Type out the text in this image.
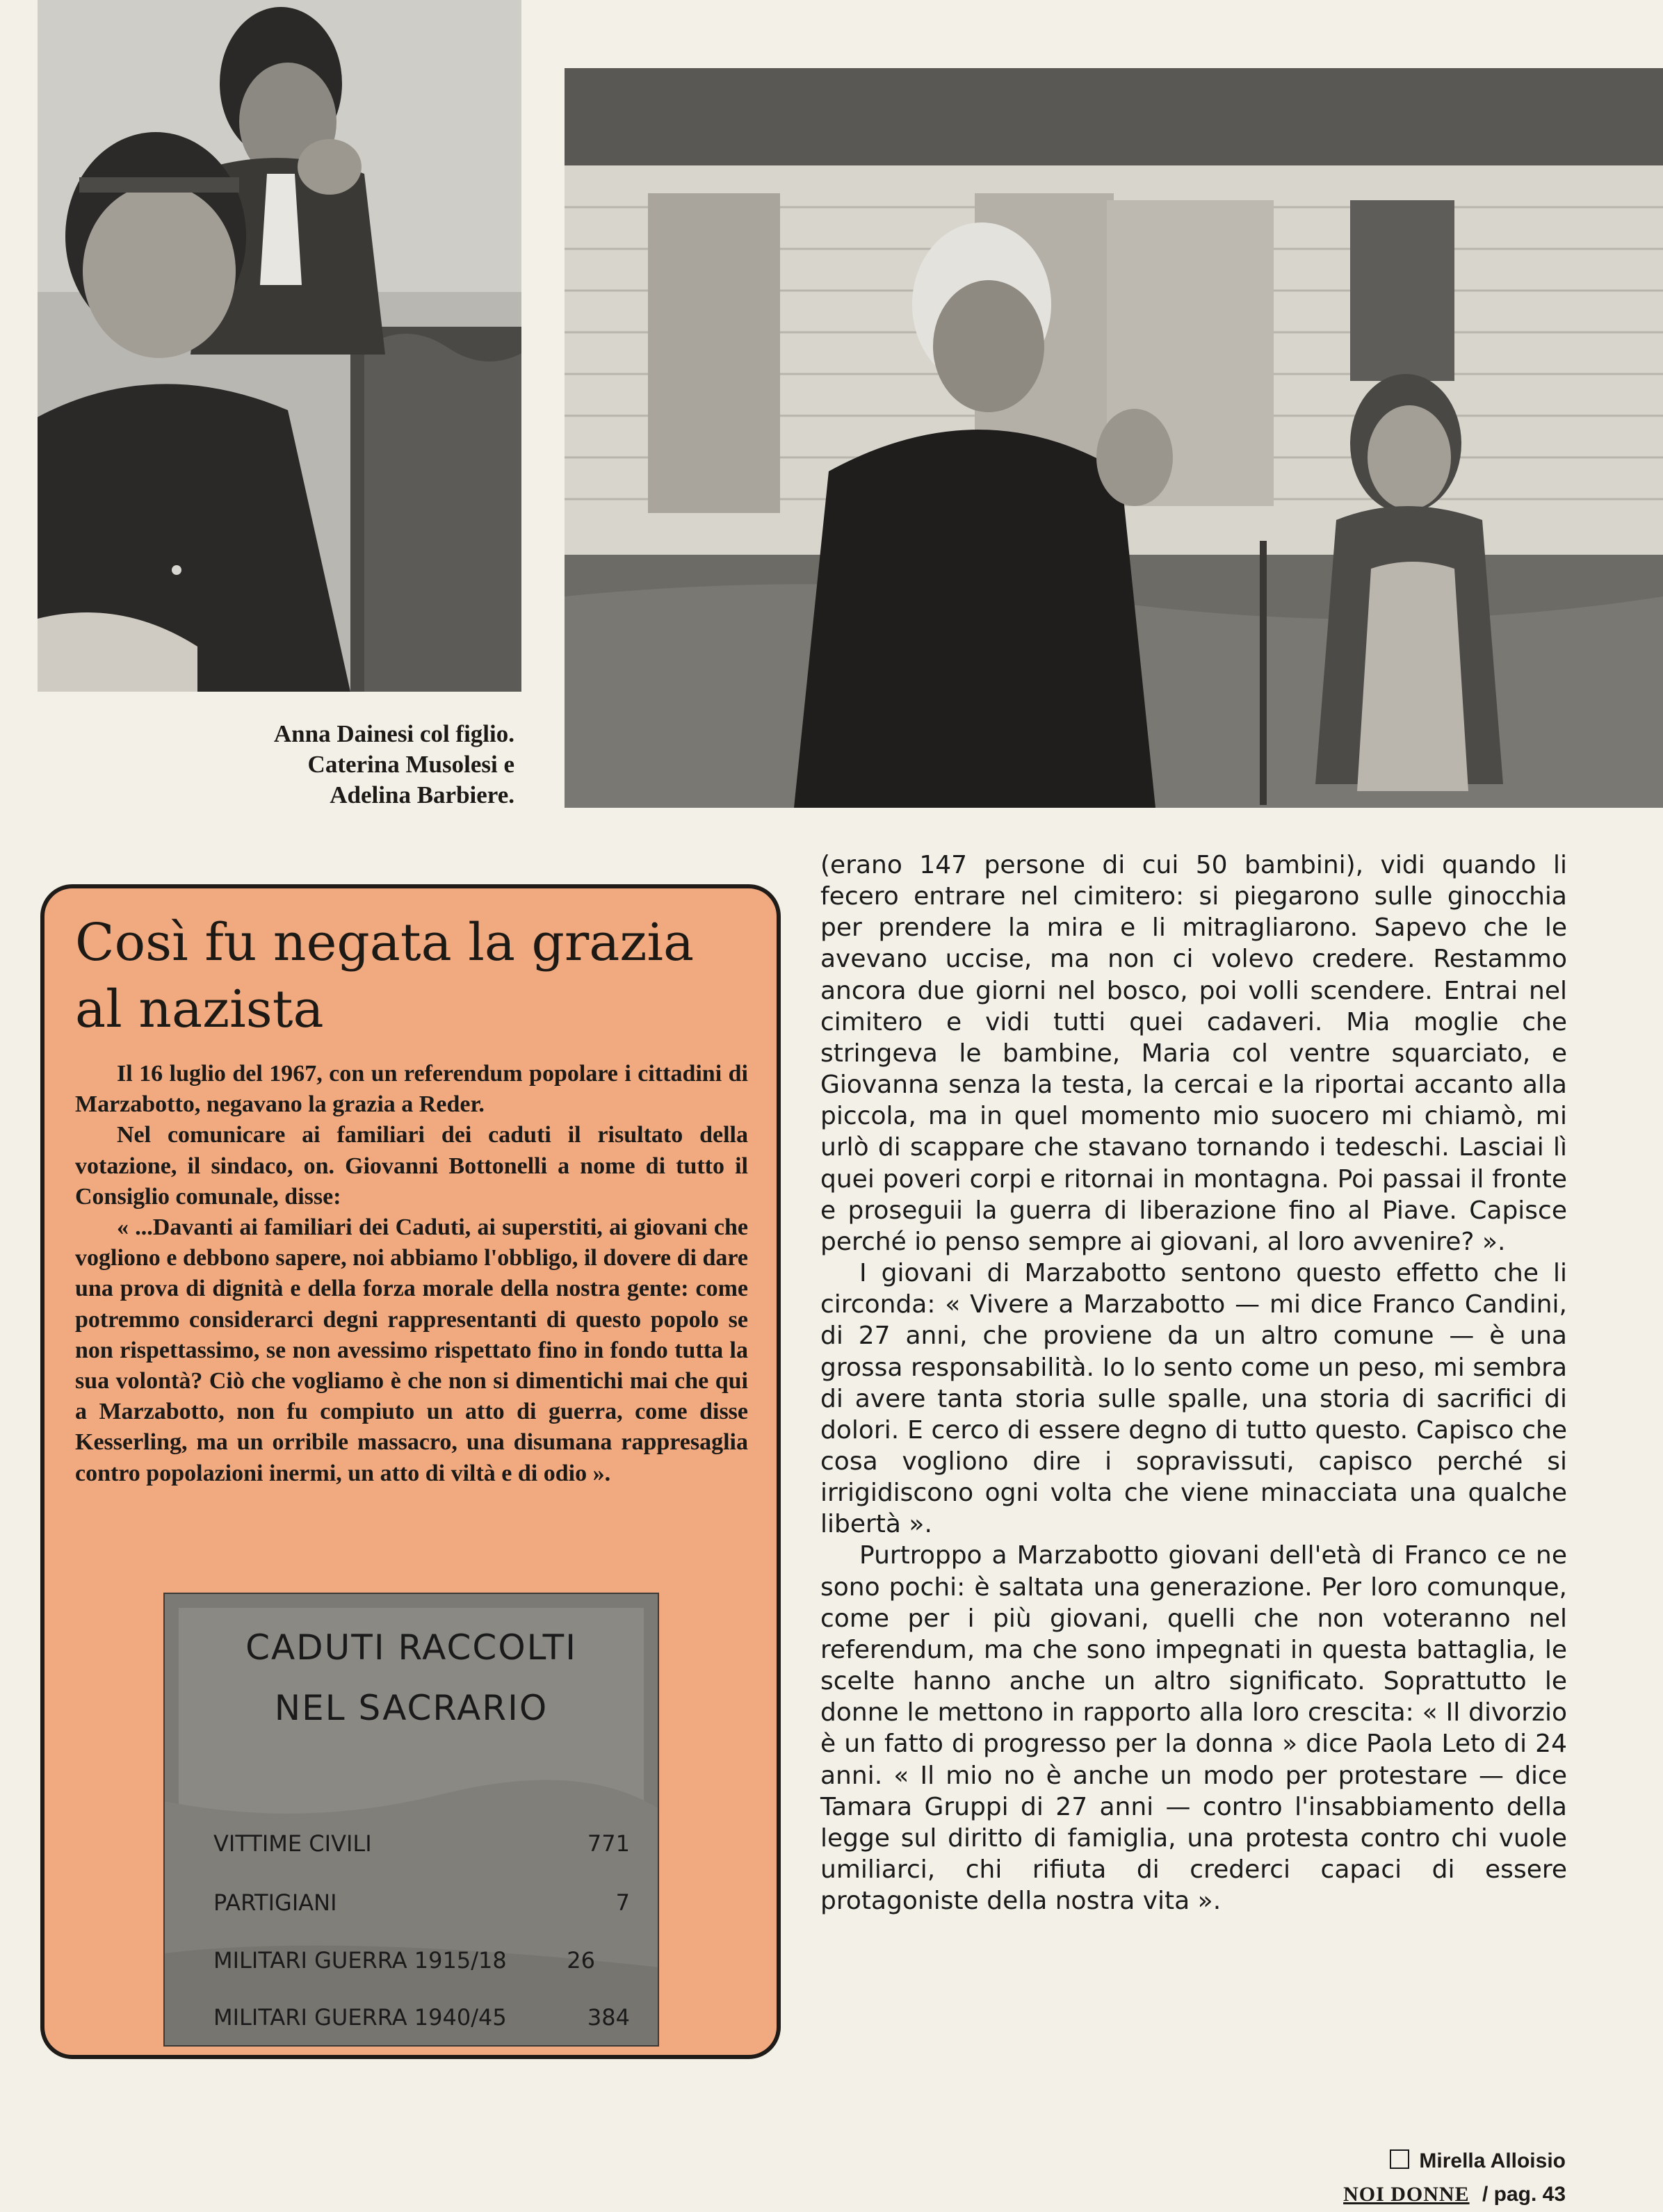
Anna Dainesi col figlio.
Caterina Musolesi e
Adelina Barbiere.
Così fu negata la grazia
al nazista

Il 16 luglio del 1967, con un referendum popolare i cittadini di Marzabotto, negavano la grazia a Reder.

Nel comunicare ai familiari dei caduti il risultato della votazione, il sindaco, on. Giovanni Bottonelli a nome di tutto il Consiglio comunale, disse:

« ...Davanti ai familiari dei Caduti, ai superstiti, ai giovani che vogliono e debbono sapere, noi abbiamo l'obbligo, il dovere di dare una prova di dignità e della forza morale della nostra gente: come potremmo considerarci degni rappresentanti di questo popolo se non rispettassimo, se non avessimo rispettato fino in fondo tutta la sua volontà? Ciò che vogliamo è che non si dimentichi mai che qui a Marzabotto, non fu compiuto un atto di guerra, come disse Kesserling, ma un orribile massacro, una disumana rappresaglia contro popolazioni inermi, un atto di viltà e di odio ».

CADUTI RACCOLTI
NEL SACRARIO
VITTIME CIVILI	771
PARTIGIANI	7
MILITARI GUERRA 1915/18	26
MILITARI GUERRA 1940/45	384

(erano 147 persone di cui 50 bambini), vidi quando li fecero entrare nel cimitero: si piegarono sulle ginocchia per prendere la mira e li mitragliarono. Sapevo che le avevano uccise, ma non ci volevo credere. Restammo ancora due giorni nel bosco, poi volli scendere. Entrai nel cimitero e vidi tutti quei cadaveri. Mia moglie che stringeva le bambine, Maria col ventre squarciato, e Giovanna senza la testa, la cercai e la riportai accanto alla piccola, ma in quel momento mio suocero mi chiamò, mi urlò di scappare che stavano tornando i tedeschi. Lasciai lì quei poveri corpi e ritornai in montagna. Poi passai il fronte e proseguii la guerra di liberazione fino al Piave. Capisce perché io penso sempre ai giovani, al loro avvenire? ».

I giovani di Marzabotto sentono questo effetto che li circonda: « Vivere a Marzabotto — mi dice Franco Candini, di 27 anni, che proviene da un altro comune — è una grossa responsabilità. Io lo sento come un peso, mi sembra di avere tanta storia sulle spalle, una storia di sacrifici di dolori. E cerco di essere degno di tutto questo. Capisco che cosa vogliono dire i sopravissuti, capisco perché si irrigidiscono ogni volta che viene minacciata una qualche libertà ».

Purtroppo a Marzabotto giovani dell'età di Franco ce ne sono pochi: è saltata una generazione. Per loro comunque, come per i più giovani, quelli che non voteranno nel referendum, ma che sono impegnati in questa battaglia, le scelte hanno anche un altro significato. Soprattutto le donne le mettono in rapporto alla loro crescita: « Il divorzio è un fatto di progresso per la donna » dice Paola Leto di 24 anni. « Il mio no è anche un modo per protestare — dice Tamara Gruppi di 27 anni — contro l'insabbiamento della legge sul diritto di famiglia, una protesta contro chi vuole umiliarci, chi rifiuta di crederci capaci di essere protagoniste della nostra vita ».

Mirella Alloisio
NOI DONNE / pag. 43
